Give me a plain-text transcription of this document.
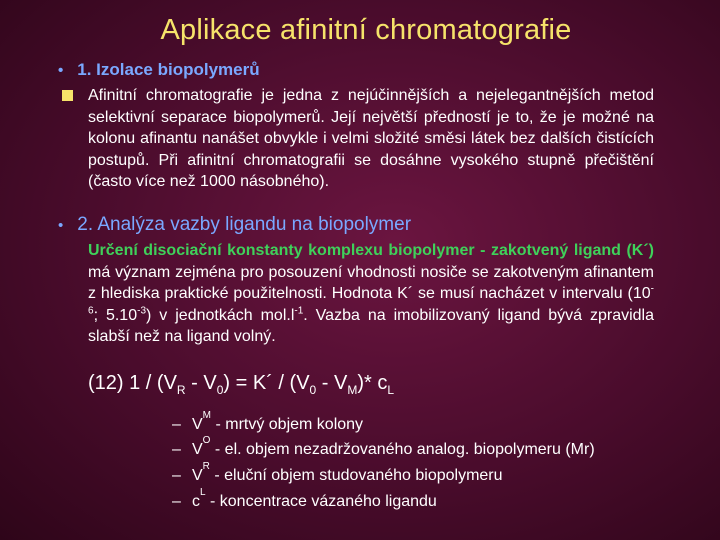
Aplikace afinitní chromatografie
• 1. Izolace biopolymerů
Afinitní chromatografie je jedna z nejúčinnějších a nejelegantnějších metod selektivní separace biopolymerů. Její největší předností je to, že je možné na kolonu afinantu nanášet obvykle i velmi složité směsi látek bez dalších čistících postupů. Při afinitní chromatografii se dosáhne vysokého stupně přečištění (často více než 1000 násobného).
• 2. Analýza vazby ligandu na biopolymer
Určení disociační konstanty komplexu biopolymer - zakotvený ligand (K´) má význam zejména pro posouzení vhodnosti nosiče se zakotveným afinantem z hlediska praktické použitelnosti. Hodnota K´ se musí nacházet v intervalu ($10^{-6}$; $5.10^{-3}$) v jednotkách $mol.l^{-1}$. Vazba na imobilizovaný ligand bývá zpravidla slabší než na ligand volný.
(12) $1 / (V_R - V_0)$ = K´ / $(V_0 - V_M)*$ $c_L$
– V
M
- mrtvý objem kolony
– V
O
- el. objem nezadržovaného analog. biopolymeru (Mr)
– V
R
- eluční objem studovaného biopolymeru
– c
L
- koncentrace vázaného ligandu
